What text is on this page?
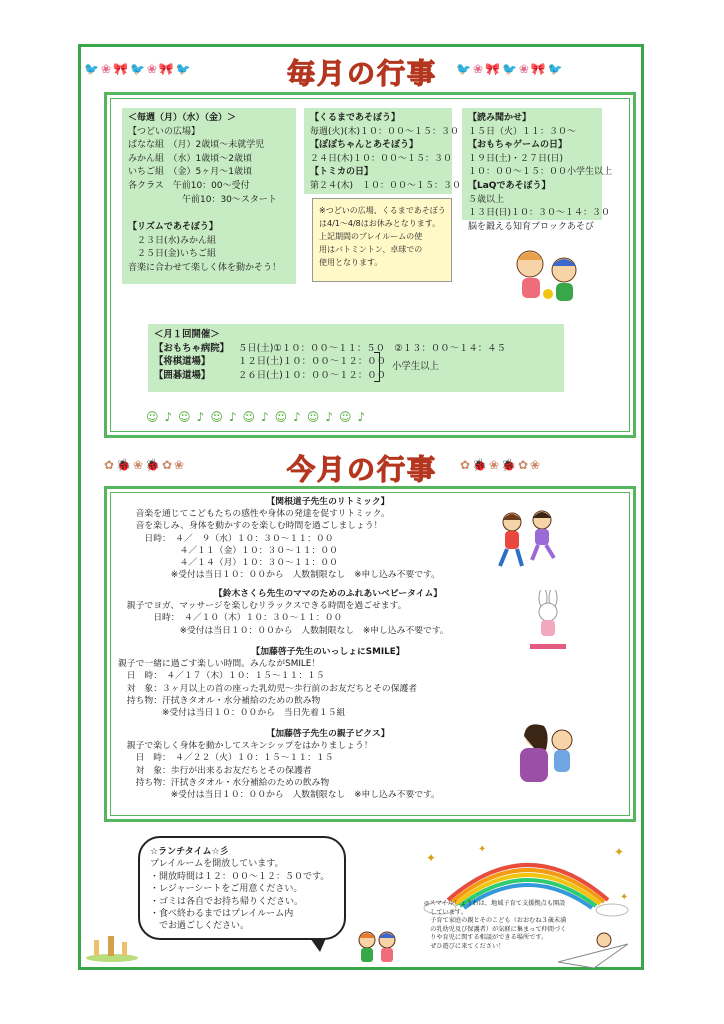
🐦❀🎀🐦❀🎀🐦	毎月の行事 🐦❀🎀🐦❀🎀🐦
＜毎週（月）（水）（金）＞
【つどいの広場】
ぱなな組　（月）2歳頃～未就学児
みかん組　（水）1歳頃～2歳頃
いちご組　（金）5ヶ月～1歳頃
各クラス　午前10：00～受付
　　　　　　午前10：30～スタート
【リズムであそぼう】
　２３日(水)みかん組
　２５日(金)いちご組
音楽に合わせて楽しく体を動かそう！
【くるまであそぼう】
毎週(火)(木)１０：００～１５：３０
【ぽぽちゃんとあそぼう】
２４日(木)１０：００～１５：３０
【トミカの日】
第２４(木)　１０：００～１５：３０
※つどいの広場、くるまであそぼう
は4/1～4/8はお休みとなります。
上記期間のプレイルームの使
用はバトミントン、卓球での
使用となります。
【読み聞かせ】
１５日（火）１１：３０～
【おもちゃゲームの日】
１９日(土)・２７日(日)
１０：００～１５：００小学生以上
【LaQであそぼう】
５歳以上
１３日(日)１０：３０～１４：３０
脳を鍛える知育ブロックあそび
＜月１回開催＞
【おもちゃ病院】 ５日(土)①１０：００～１１：５０　②１３：００～１４：４５
【将棋道場】	１２日(土)１０：００～１２：００
【囲碁道場】	２６日(土)１０：００～１２：００
小学生以上
☺♪☺♪☺♪☺♪☺♪☺♪☺♪
✿🐞❀🐞✿❀	今月の行事 ✿🐞❀🐞✿❀
【関根道子先生のリトミック】
　　音楽を通じてこどもたちの感性や身体の発達を促すリトミック。
　　音を楽しみ、身体を動かすのを楽しむ時間を過ごしましょう！
　　　日時：　４／　９（水）１０：３０～１１：００
　　　　　　　４／１１（金）１０：３０～１１：００
　　　　　　　４／１４（月）１０：３０～１１：００
　　　　　　※受付は当日１０：００から　人数制限なし　※申し込み不要です。
【鈴木さくら先生のママのためのふれあいベビータイム】
　親子でヨガ、マッサージを楽しむリラックスできる時間を過ごせます。
　　　　日時：　４／１０（木）１０：３０～１１：００
　　　　　　　※受付は当日１０：００から　人数制限なし　※申し込み不要です。
【加藤啓子先生のいっしょにSMILE】
親子で一緒に過ごす楽しい時間。みんながSMILE！
　日　時：　４／１７（木）１０：１５～１１：１５
　対　象：３ヶ月以上の首の座った乳幼児～歩行前のお友だちとその保護者
　持ち物：汗拭きタオル・水分補給のための飲み物
　　　　　※受付は当日１０：００から　当日先着１５組
【加藤啓子先生の親子ピクス】
　親子で楽しく身体を動かしてスキンシップをはかりましょう！
　　日　時：　４／２２（火）１０：１５～１１：１５
　　対　象：歩行が出来るお友だちとその保護者
　　持ち物：汗拭きタオル・水分補給のための飲み物
　　　　　　※受付は当日１０：００から　人数制限なし　※申し込み不要です。
☆ランチタイム☆彡
プレイルームを開放しています。
・開放時間は１２：００～１２：５０です。
・レジャーシートをご用意ください。
・ゴミは各自でお持ち帰りください。
・食べ終わるまではプレイルーム内
　でお過ごしください。
✦
✦	✦
✦
◎スマイルしょうわは、地域子育て支援拠点も開設
　しています。
　子育て家庭の親とそのこども（おおむね３歳未満
　の乳幼児及び保護者）が気軽に集まって仲間づく
　りや育児に関する相談ができる場所です。
　ぜひ遊びに来てください！
